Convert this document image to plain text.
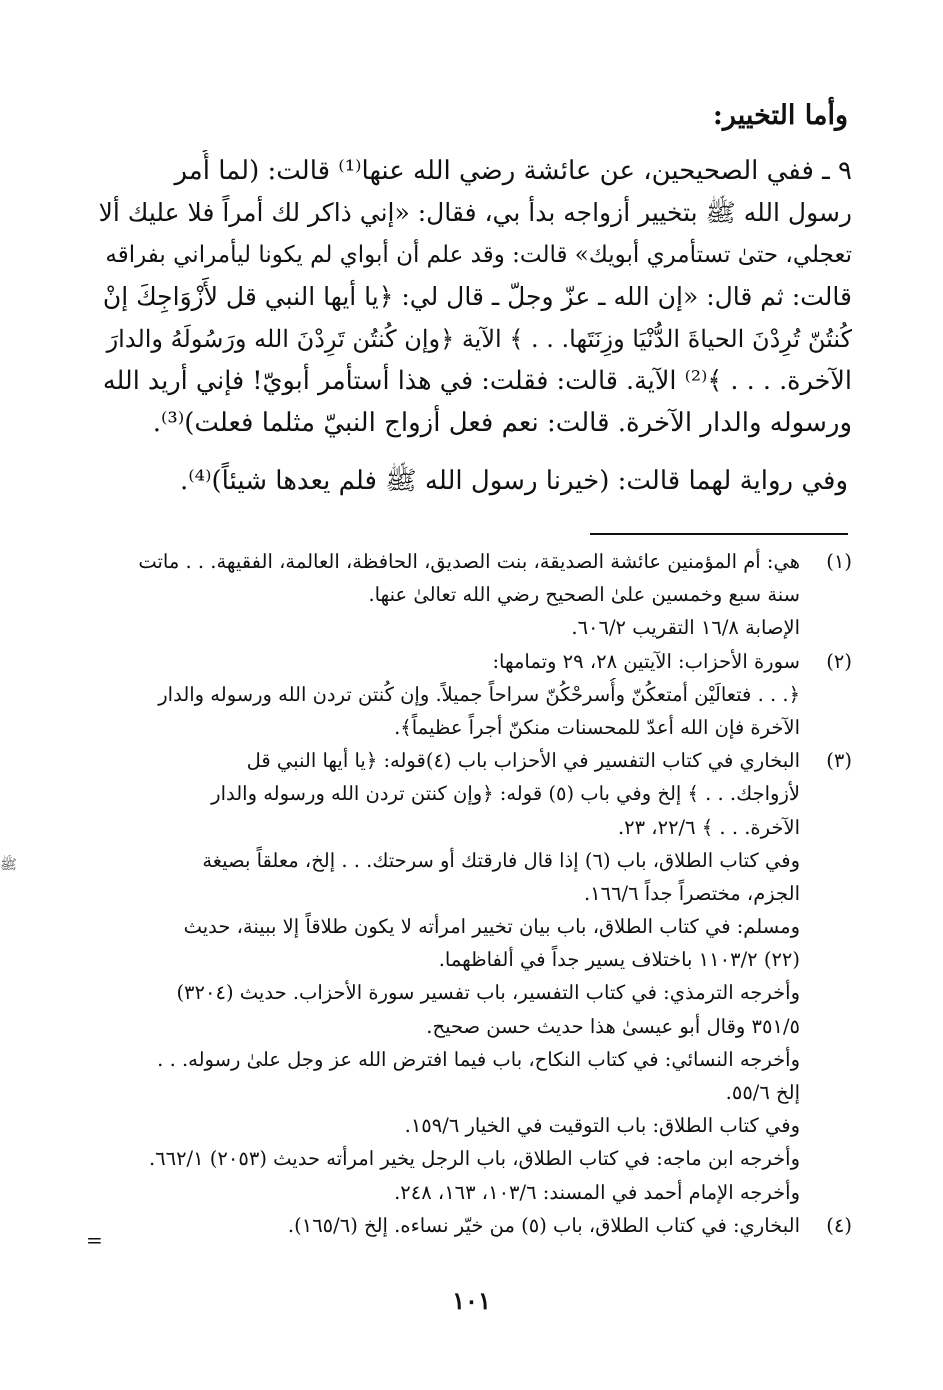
وأما التخيير:
٩ ـ ففي الصحيحين، عن عائشة رضي الله عنها⁽¹⁾ قالت: (لما أُمر
رسول الله ﷺ بتخيير أزواجه بدأ بي، فقال: «إني ذاكر لك أمراً فلا عليك ألا
تعجلي، حتىٰ تستأمري أبويك» قالت: وقد علم أن أبواي لم يكونا ليأمراني بفراقه
قالت: ثم قال: «إن الله ـ عزّ وجلّ ـ قال لي: ﴿يا أيها النبي قل لأَزْوَاجِكَ إنْ
كُنتُنّ تُرِدْنَ الحياةَ الدُّنْيَا وزِنَتَها. . . ﴾ الآية ﴿وإن كُنتُن تَرِدْنَ الله ورَسُولَهُ والدارَ
الآخرة. . . . ﴾⁽²⁾ الآية. قالت: فقلت: في هذا أستأمر أبويّ! فإني أريد الله
ورسوله والدار الآخرة. قالت: نعم فعل أزواج النبيّ مثلما فعلت)⁽³⁾.
وفي رواية لهما قالت: (خيرنا رسول الله ﷺ فلم يعدها شيئاً)⁽⁴⁾.
(١)
هي: أم المؤمنين عائشة الصديقة، بنت الصديق، الحافظة، العالمة، الفقيهة. . . ماتت
سنة سبع وخمسين علىٰ الصحيح رضي الله تعالىٰ عنها.
الإصابة ١٦/٨ التقريب ٦٠٦/٢.
(٢)
سورة الأحزاب: الآيتين ٢٨، ٢٩ وتمامها:
﴿. . . فتعالَيْن أمتعكُنّ وأُسرحْكُنّ سراحاً جميلاً. وإن كُنتن تردن الله ورسوله والدار
الآخرة فإن الله أعدّ للمحسنات منكنّ أجراً عظيماً﴾.
(٣)
البخاري في كتاب التفسير في الأحزاب باب (٤)قوله: ﴿يا أيها النبي قل
لأزواجك. . . ﴾ إلخ وفي باب (٥) قوله: ﴿وإن كنتن تردن الله ورسوله والدار
الآخرة. . . ﴾ ٢٢/٦، ٢٣.
وفي كتاب الطلاق، باب (٦) إذا قال فارقتك أو سرحتك. . . إلخ، معلقاً بصيغة
الجزم، مختصراً جداً ١٦٦/٦.
ومسلم: في كتاب الطلاق، باب بيان تخيير امرأته لا يكون طلاقاً إلا ببينة، حديث
(٢٢) ١١٠٣/٢ باختلاف يسير جداً في ألفاظهما.
وأخرجه الترمذي: في كتاب التفسير، باب تفسير سورة الأحزاب. حديث (٣٢٠٤)
٣٥١/٥ وقال أبو عيسىٰ هذا حديث حسن صحيح.
وأخرجه النسائي: في كتاب النكاح، باب فيما افترض الله عز وجل علىٰ رسوله. . .
إلخ ٥٥/٦.
وفي كتاب الطلاق: باب التوقيت في الخيار ١٥٩/٦.
وأخرجه ابن ماجه: في كتاب الطلاق، باب الرجل يخير امرأته حديث (٢٠٥٣) ٦٦٢/١.
وأخرجه الإمام أحمد في المسند: ١٠٣/٦، ١٦٣، ٢٤٨.
(٤)
البخاري: في كتاب الطلاق، باب (٥) من خيّر نساءه. إلخ (١٦٥/٦).
ﷺ
=
١٠١
